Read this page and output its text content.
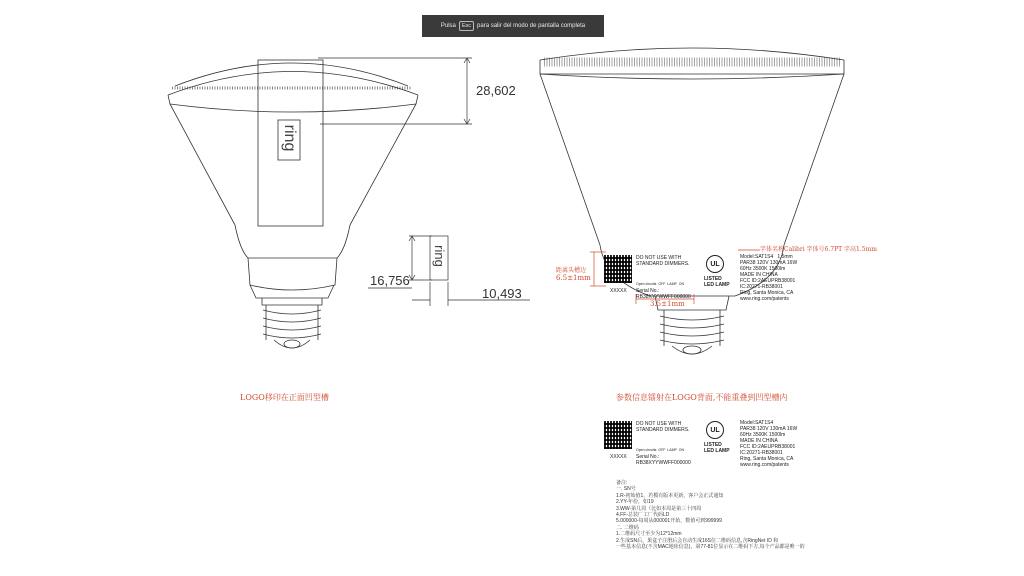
Pulsa	Esc	para salir del modo de pantalla completa
ring
ring
28,602
16,756
10,493
LOGO移印在正面凹型槽	参数信息镭射在LOGO背面,不能重叠到凹型槽内
字体名称Calibri 字体号6.7PT 字高1.5mm
距离头槽边
6.5±1mm
3.5±1mm
DO NOT USE WITH
STANDARD DIMMERS.
Open circuits  OFF  LAMP  ON
XXXXX Serial No.:
RB38XYYWWFF000000
UL
LISTED
LED LAMP
Model:SAT1S4   1.5mm
PAR38 120V 130mA 16W
60Hz 3500K 1500lm
MADE IN CHINA
FCC ID:2AEUPRB38001
IC:20271-RB38001
Ring, Santa Monica, CA
www.ring.com/patents
DO NOT USE WITH
STANDARD DIMMERS.
Open circuits  OFF  LAMP  ON
XXXXX Serial No.:
RB38XYYWWFF000000
UL
LISTED
LED LAMP
Model:SAT1S4
PAR38 120V 130mA 16W
60Hz 3500K 1500lm
MADE IN CHINA
FCC ID:2AEUPRB38001
IC:20271-RB38001
Ring, Santa Monica, CA
www.ring.com/patents
备注:
一. SN号
1.R-初始值1，若模有版本更新，客户会正式通知
2.YY-年份，如19
3.WW-第几周（比如本周是第三十四周
4.FF-总装厂工厂代码LD
5.000000-每周从000001开始，数值可到999999
二. 二维码
1.二维码尺寸至少为12*12mm
2.生成SN后，果盒子注册后会自动生成16S位二维码信息,含RingNet ID 和
一些基本信息(不含MAC地址信息)，第77-81位显示在二维码下方,每个产品都是唯一的
